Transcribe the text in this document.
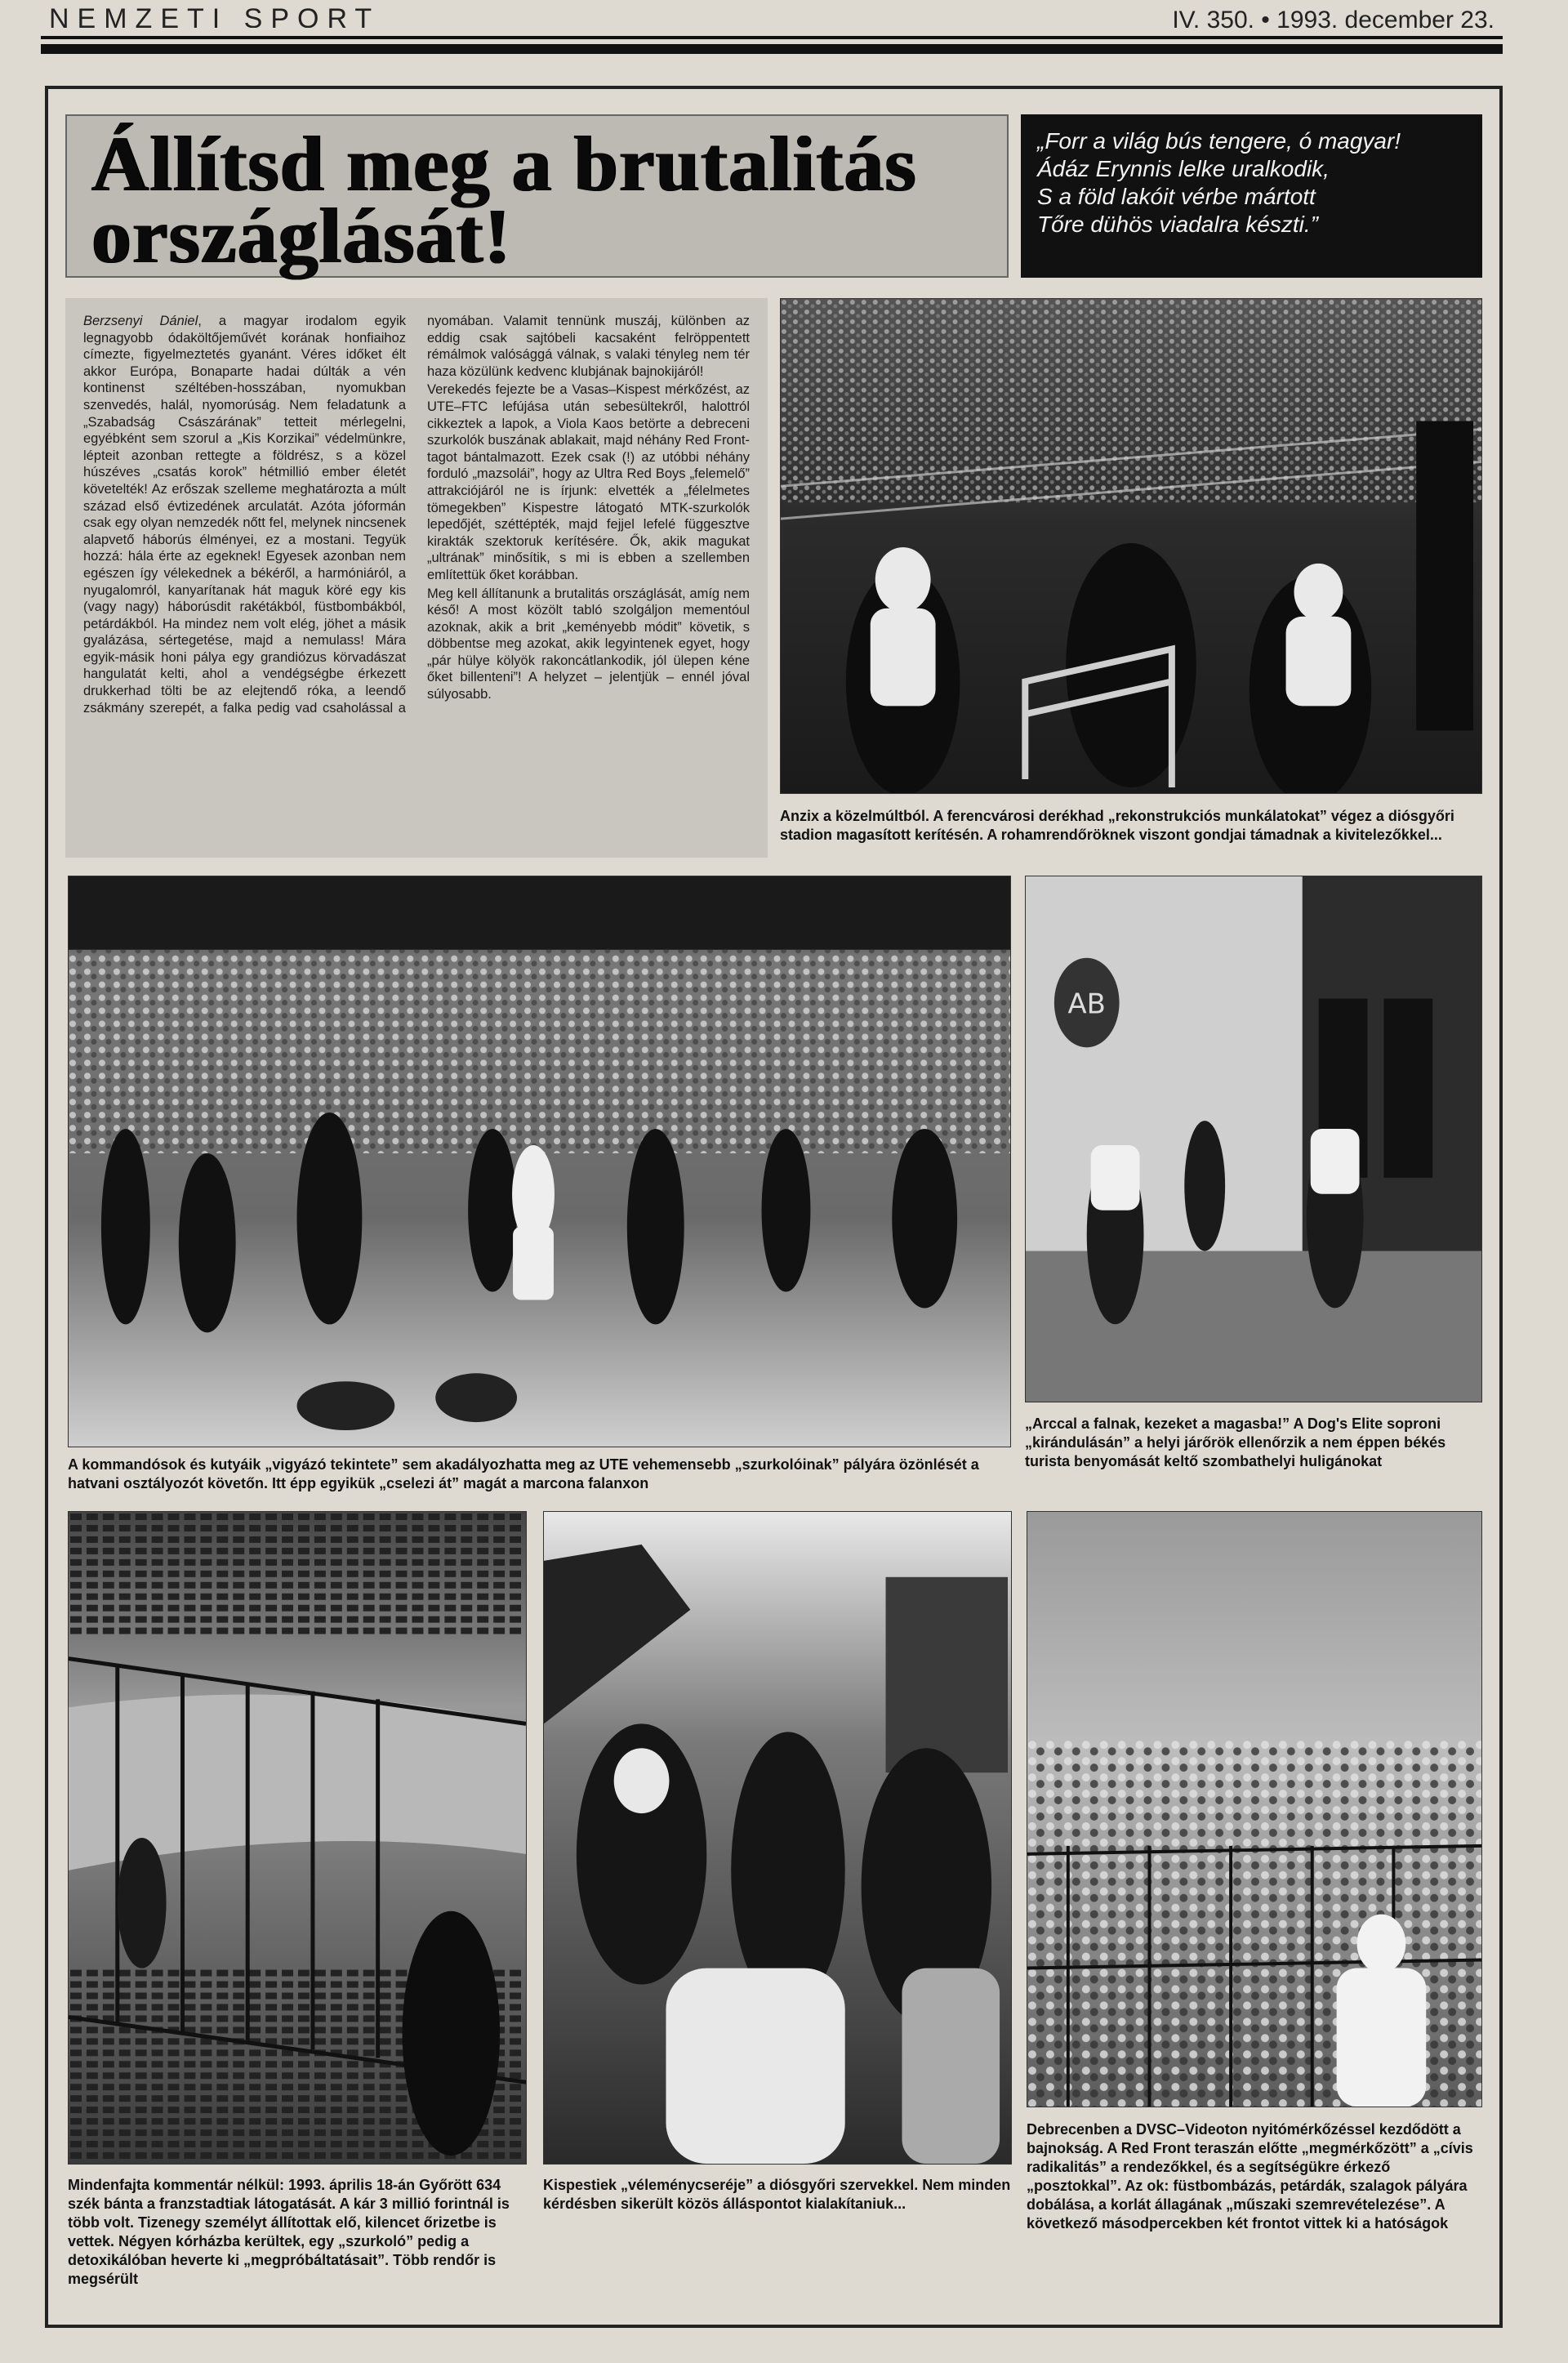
NEMZETI SPORT	IV. 350. • 1993. december 23.
Állítsd meg a brutalitás
országlását!
„Forr a világ bús tengere, ó magyar!
Ádáz Erynnis lelke uralkodik,
S a föld lakóit vérbe mártott
Tőre dühös viadalra készti.”

Berzsenyi Dániel, a magyar irodalom egyik legnagyobb ódaköltőjeművét korának honfiaihoz címezte, figyelmeztetés gyanánt. Véres időket élt akkor Európa, Bonaparte hadai dúlták a vén kontinenst széltében-hosszában, nyomukban szenvedés, halál, nyomorúság. Nem feladatunk a „Szabadság Császárának” tetteit mérlegelni, egyébként sem szorul a „Kis Korzikai” védelmünkre, lépteit azonban rettegte a földrész, s a közel húszéves „csatás korok” hétmillió ember életét követelték! Az erőszak szelleme meghatározta a múlt század első évtizedének arculatát. Azóta jóformán csak egy olyan nemzedék nőtt fel, melynek nincsenek alapvető háborús élményei, ez a mostani. Tegyük hozzá: hála érte az egeknek! Egyesek azonban nem egészen így vélekednek a békéről, a harmóniáról, a nyugalomról, kanyarítanak hát maguk köré egy kis (vagy nagy) háborúsdit rakétákból, füstbombákból, petárdákból. Ha mindez nem volt elég, jöhet a másik gyalázása, sértegetése, majd a nemulass! Mára egyik-másik honi pálya egy grandiózus körvadászat hangulatát kelti, ahol a vendégségbe érkezett drukkerhad tölti be az elejtendő róka, a leendő zsákmány szerepét, a falka pedig vad csaholással a nyomában. Valamit tennünk muszáj, különben az eddig csak sajtóbeli kacsaként felröppentett rémálmok valósággá válnak, s valaki tényleg nem tér haza közülünk kedvenc klubjának bajnokijáról!

Verekedés fejezte be a Vasas–Kispest mérkőzést, az UTE–FTC lefújása után sebesültekről, halottról cikkeztek a lapok, a Viola Kaos betörte a debreceni szurkolók buszának ablakait, majd néhány Red Front-tagot bántalmazott. Ezek csak (!) az utóbbi néhány forduló „mazsolái”, hogy az Ultra Red Boys „felemelő” attrakciójáról ne is írjunk: elvették a „félelmetes tömegekben” Kispestre látogató MTK-szurkolók lepedőjét, széttépték, majd fejjel lefelé függesztve kirakták szektoruk kerítésére. Ők, akik magukat „ultrának” minősítik, s mi is ebben a szellemben említettük őket korábban.

Meg kell állítanunk a brutalitás országlását, amíg nem késő! A most közölt tabló szolgáljon mementóul azoknak, akik a brit „keményebb módit” követik, s döbbentse meg azokat, akik legyintenek egyet, hogy „pár hülye kölyök rakoncátlankodik, jól ülepen kéne őket billenteni”! A helyzet – jelentjük – ennél jóval súlyosabb.

Anzix a közelmúltból. A ferencvárosi derékhad „rekonstrukciós munkálatokat” végez a diósgyőri stadion magasított kerítésén. A rohamrendőröknek viszont gondjai támadnak a kivitelezőkkel...
A kommandósok és kutyáik „vigyázó tekintete” sem akadályozhatta meg az UTE vehemensebb „szurkolóinak” pályára özönlését a hatvani osztályozót követőn. Itt épp egyikük „cselezi át” magát a marcona falanxon
AB
„Arccal a falnak, kezeket a magasba!” A Dog's Elite soproni „kirándulásán” a helyi járőrök ellenőrzik a nem éppen békés turista benyomását keltő szombathelyi huligánokat
Mindenfajta kommentár nélkül: 1993. április 18-án Győrött 634 szék bánta a franzstadtiak látogatását. A kár 3 millió forintnál is több volt. Tizenegy személyt állítottak elő, kilencet őrizetbe is vettek. Négyen kórházba kerültek, egy „szurkoló” pedig a detoxikálóban heverte ki „megpróbáltatásait”. Több rendőr is megsérült
Kispestiek „véleménycseréje” a diósgyőri szervekkel. Nem minden kérdésben sikerült közös álláspontot kialakítaniuk...
Debrecenben a DVSC–Videoton nyitómérkőzéssel kezdődött a bajnokság. A Red Front teraszán előtte „megmérkőzött” a „cívis radikalitás” a rendezőkkel, és a segítségükre érkező „posztokkal”. Az ok: füstbombázás, petárdák, szalagok pályára dobálása, a korlát állagának „műszaki szemrevételezése”. A következő másodpercekben két frontot vittek ki a hatóságok
